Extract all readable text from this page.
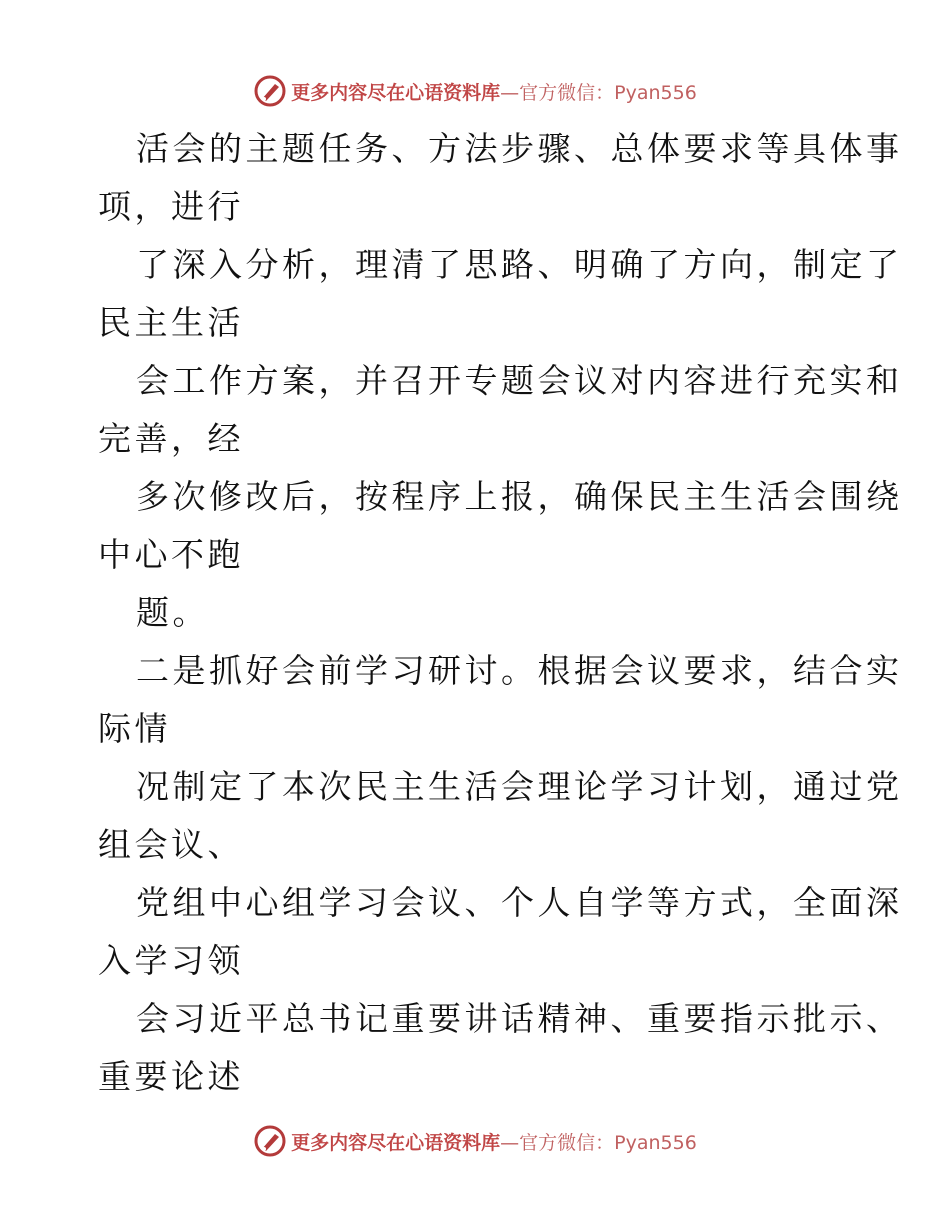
更多内容尽在心语资料库—官方微信：Pyan556
活会的主题任务、方法步骤、总体要求等具体事
项，进行
了深入分析，理清了思路、明确了方向，制定了
民主生活
会工作方案，并召开专题会议对内容进行充实和
完善，经
多次修改后，按程序上报，确保民主生活会围绕
中心不跑
题。
二是抓好会前学习研讨。根据会议要求，结合实
际情
况制定了本次民主生活会理论学习计划，通过党
组会议、
党组中心组学习会议、个人自学等方式，全面深
入学习领
会习近平总书记重要讲话精神、重要指示批示、
重要论述
更多内容尽在心语资料库—官方微信：Pyan556
